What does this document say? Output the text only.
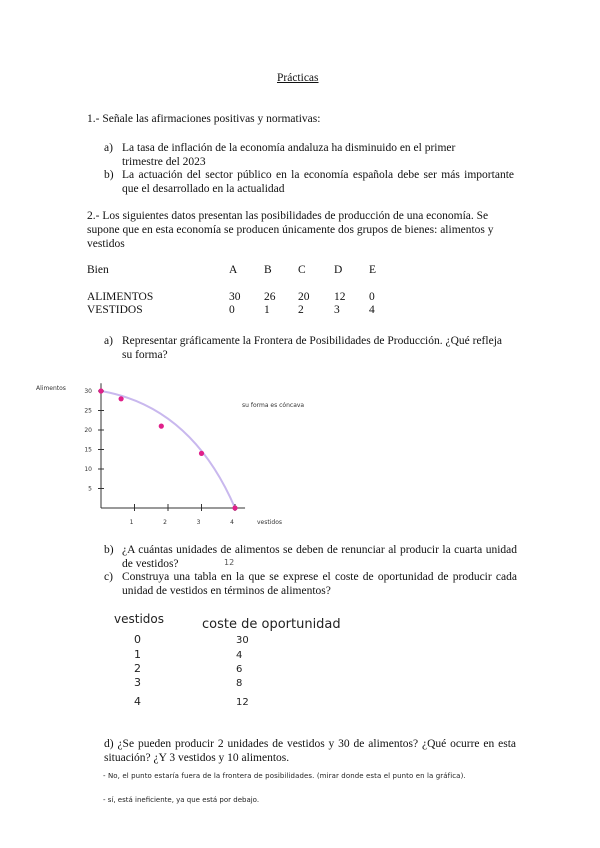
Prácticas
1.- Señale las afirmaciones positivas y normativas:
a) La tasa de inflación de la economía andaluza ha disminuido en el primer trimestre del 2023
b) La actuación del sector público en la economía española debe ser más importante que el desarrollado en la actualidad
2.- Los siguientes datos presentan las posibilidades de producción de una economía. Se supone que en esta economía se producen únicamente dos grupos de bienes: alimentos y vestidos
Bien	A	B	C	D	E

ALIMENTOS	30	26	20	12	0
VESTIDOS	0	1	2	3	4
a) Representar gráficamente la Frontera de Posibilidades de Producción. ¿Qué refleja su forma?
5
10
15
20
25
30
1	2	3	4
Alimentos
vestidos
su forma es cóncava
b) ¿A cuántas unidades de alimentos se deben de renunciar al producir la cuarta unidad de vestidos?	12
c) Construya una tabla en la que se exprese el coste de oportunidad de producir cada unidad de vestidos en términos de alimentos?
vestidos	coste de oportunidad
0	30
1	4
2	6
3	8
4	12
d) ¿Se pueden producir 2 unidades de vestidos y 30 de alimentos? ¿Qué ocurre en esta situación? ¿Y 3 vestidos y 10 alimentos.
- No, el punto estaría fuera de la frontera de posibilidades. (mirar donde esta el punto en la gráfica).
- sí, está ineficiente, ya que está por debajo.
